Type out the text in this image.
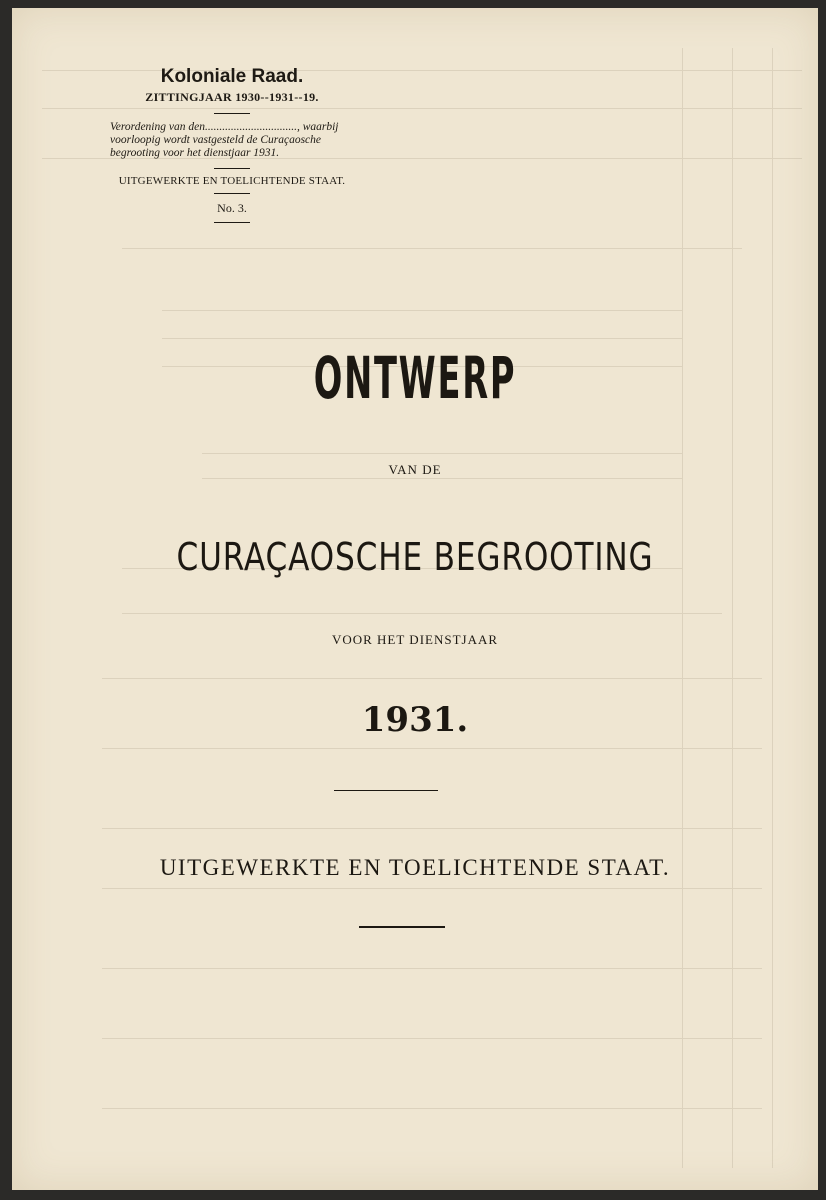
Koloniale Raad.
ZITTINGJAAR 1930--1931--19.
Verordening van den................................, waarbij voorloopig wordt vastgesteld de Curaçaosche begrooting voor het dienstjaar 1931.
UITGEWERKTE EN TOELICHTENDE STAAT.
No. 3.
ONTWERP
VAN DE
CURAÇAOSCHE BEGROOTING
VOOR HET DIENSTJAAR
1931.
UITGEWERKTE EN TOELICHTENDE STAAT.
